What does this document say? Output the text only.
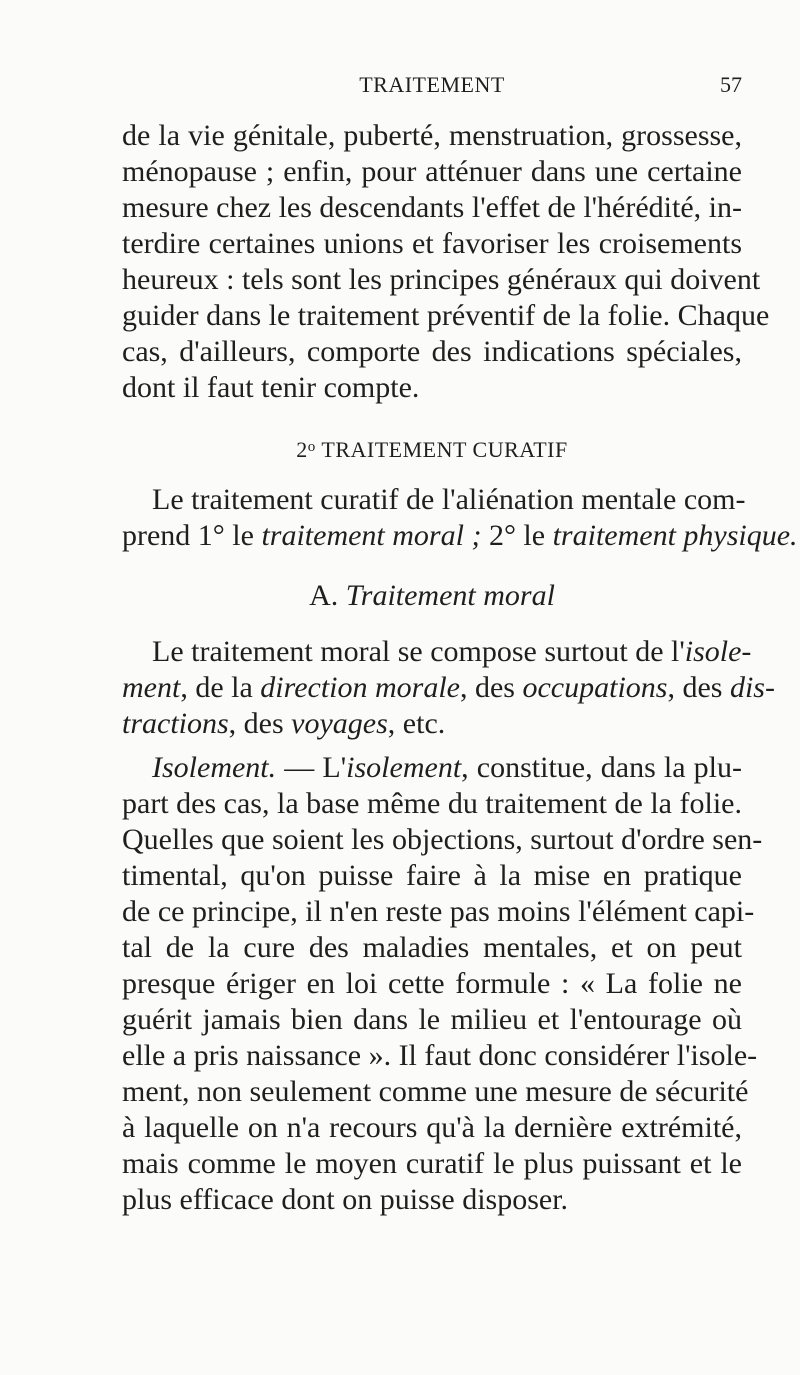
TRAITEMENT	57
de la vie génitale, puberté, menstruation, grossesse,
ménopause ; enfin, pour atténuer dans une certaine
mesure chez les descendants l'effet de l'hérédité, in-
terdire certaines unions et favoriser les croisements
heureux : tels sont les principes généraux qui doivent
guider dans le traitement préventif de la folie. Chaque
cas, d'ailleurs, comporte des indications spéciales,
dont il faut tenir compte.
2$^o$ TRAITEMENT CURATIF
Le traitement curatif de l'aliénation mentale com-
prend 1° le traitement moral ; 2° le traitement physique.
A. Traitement moral
Le traitement moral se compose surtout de l'isole-
ment, de la direction morale, des occupations, des dis-
tractions, des voyages, etc.
Isolement. — L'isolement, constitue, dans la plu-
part des cas, la base même du traitement de la folie.
Quelles que soient les objections, surtout d'ordre sen-
timental, qu'on puisse faire à la mise en pratique
de ce principe, il n'en reste pas moins l'élément capi-
tal de la cure des maladies mentales, et on peut
presque ériger en loi cette formule : « La folie ne
guérit jamais bien dans le milieu et l'entourage où
elle a pris naissance ». Il faut donc considérer l'isole-
ment, non seulement comme une mesure de sécurité
à laquelle on n'a recours qu'à la dernière extrémité,
mais comme le moyen curatif le plus puissant et le
plus efficace dont on puisse disposer.
